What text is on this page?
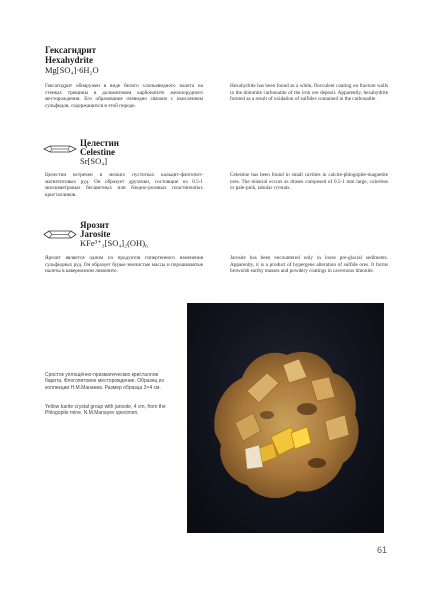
Гексагидрит
Hexahydrite
Mg[SO₄]·6H₂O
Гексагидрит обнаружен в виде белого хлопьевидного налета на стенках трещины в доломитовом карбонатите железорудного месторождения. Его образование очевидно связано с окислением сульфидов, содержащихся в этой породе.
Hexahydrite has been found as a white, flocculent coating on fracture walls in the dolomite carbonatite of the iron ore deposit. Apparently, hexahydrite formed as a result of oxidation of sulfides contained in the carbonatite.
Целестин
Celestine
Sr[SO₄]
Целестин встречен в мелких пустотках кальцит-флогопит-магнетитовых руд. Он образует друзочки, состоящие из 0.5-1 миллиметровых бесцветных или бледно-розовых пластинчатых кристалликов.
Celestine has been found in small cavities in calcite-phlogopite-magnetite ores. The mineral occurs as druses composed of 0.5-1 mm large, colorless or pale-pink, tabular crystals.
Ярозит
Jarosite
KFe³⁺₃[SO₄]₂(OH)₆
Ярозит является одним из продуктов гипергенного изменения сульфидных руд. Он образует бурые землистые массы и порошковатые налеты в кавернозном лимоните.
Jarosite has been encountered only in loose pre-glacial sediments. Apparently, it is a product of hypergene alteration of sulfide ores. It forms brownish earthy masses and powdery coatings in cavernous limonite.
Сросток уплощённо-призматических кристаллов барита. Флогопитовое месторождение. Образец из коллекции Н.М.Манаева. Размер образца 3×4 см.
Yellow barite crystal group with jarosite, 4 cm, from the Phlogopite mine. N.M.Manayev specimen.
61
